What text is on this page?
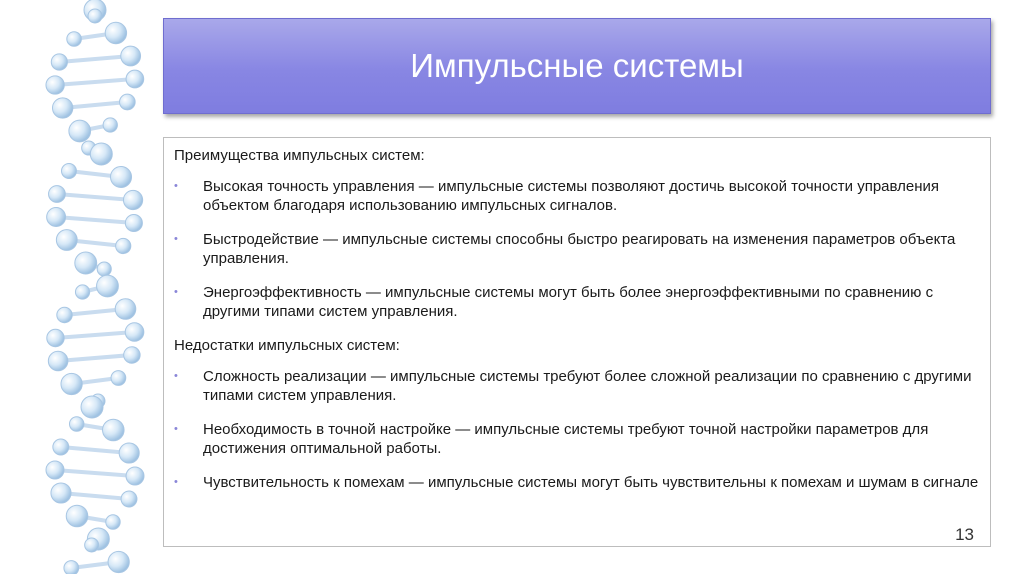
Импульсные системы

Преимущества импульсных систем:

• Высокая точность управления — импульсные системы позволяют достичь высокой точности управления объектом благодаря использованию импульсных сигналов.
• Быстродействие — импульсные системы способны быстро реагировать на изменения параметров объекта управления.
• Энергоэффективность — импульсные системы могут быть более энергоэффективными по сравнению с другими типами систем управления.

Недостатки импульсных систем:

• Сложность реализации — импульсные системы требуют более сложной реализации по сравнению с другими типами систем управления.
• Необходимость в точной настройке — импульсные системы требуют точной настройки параметров для достижения оптимальной работы.
• Чувствительность к помехам — импульсные системы могут быть чувствительны к помехам и шумам в сигнале
13
